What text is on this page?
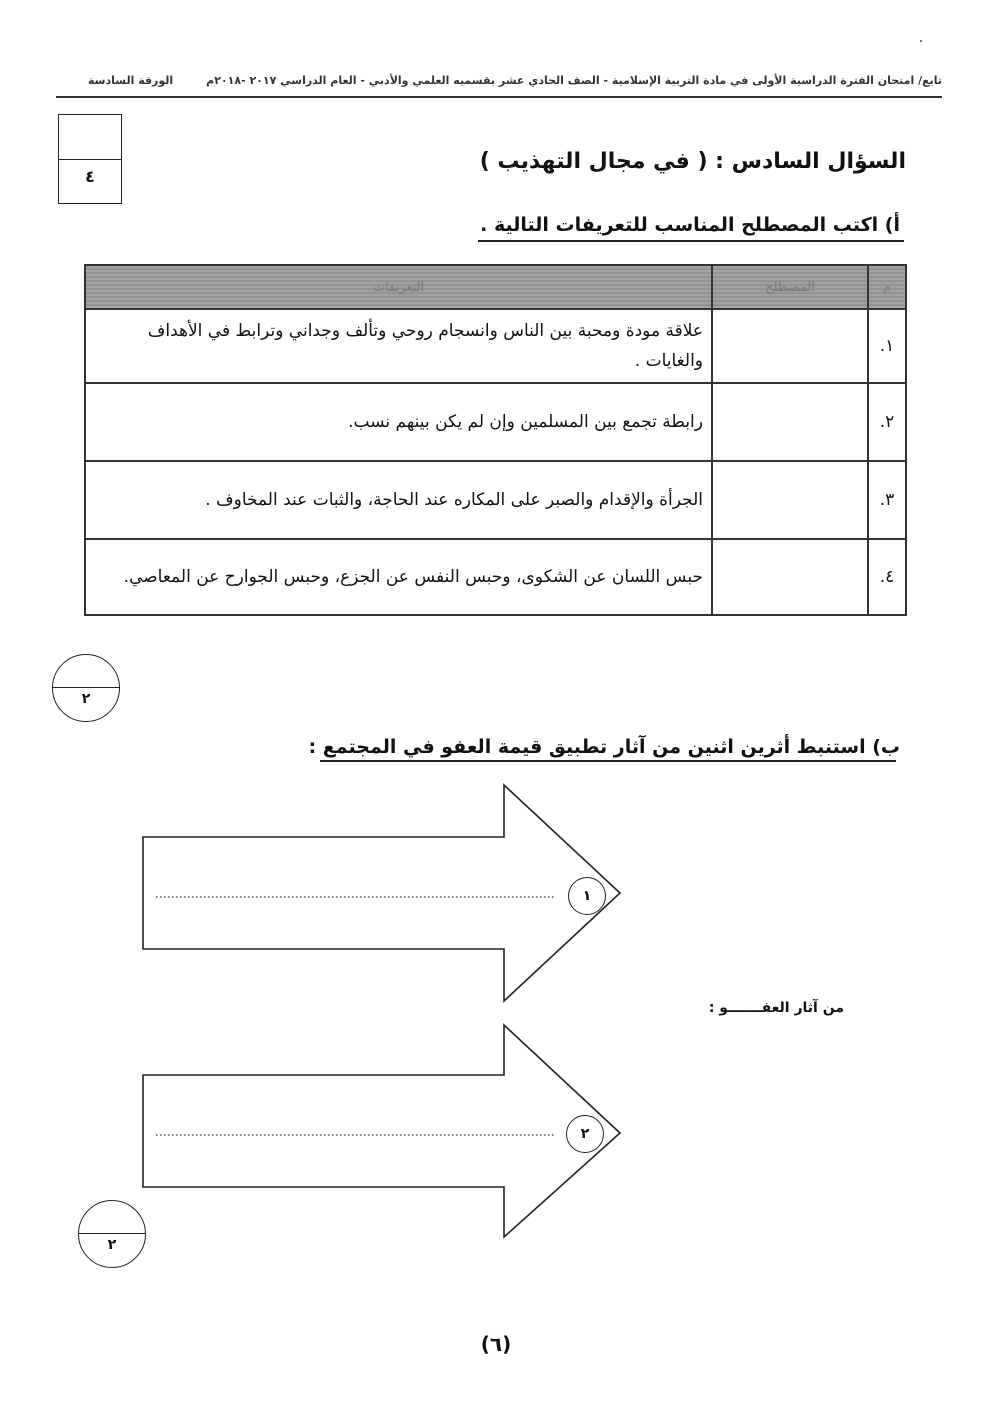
تابع/ امتحان الفترة الدراسية الأولى في مادة التربية الإسلامية - الصف الحادي عشر بقسميه العلمي والأدبي - العام الدراسي ٢٠١٧ -٢٠١٨م
الورقة السادسة
٤
السؤال السادس : ( في مجال التهذيب )
أ) اكتب المصطلح المناسب للتعريفات التالية .
م	المصطلح	التعريفات
١.		علاقة مودة ومحبة بين الناس وانسجام روحي وتألف وجداني وترابط في الأهداف والغايات .
٢.		رابطة تجمع بين المسلمين وإن لم يكن بينهم نسب.
٣.		الجرأة والإقدام والصبر على المكاره عند الحاجة، والثبات عند المخاوف .
٤.		حبس اللسان عن الشكوى، وحبس النفس عن الجزع، وحبس الجوارح عن المعاصي.
٢
ب) استنبط أثرين اثنين من آثار تطبيق قيمة العفو في المجتمع :
١
٢
من آثار العفـــــــو :
٢
(٦)
